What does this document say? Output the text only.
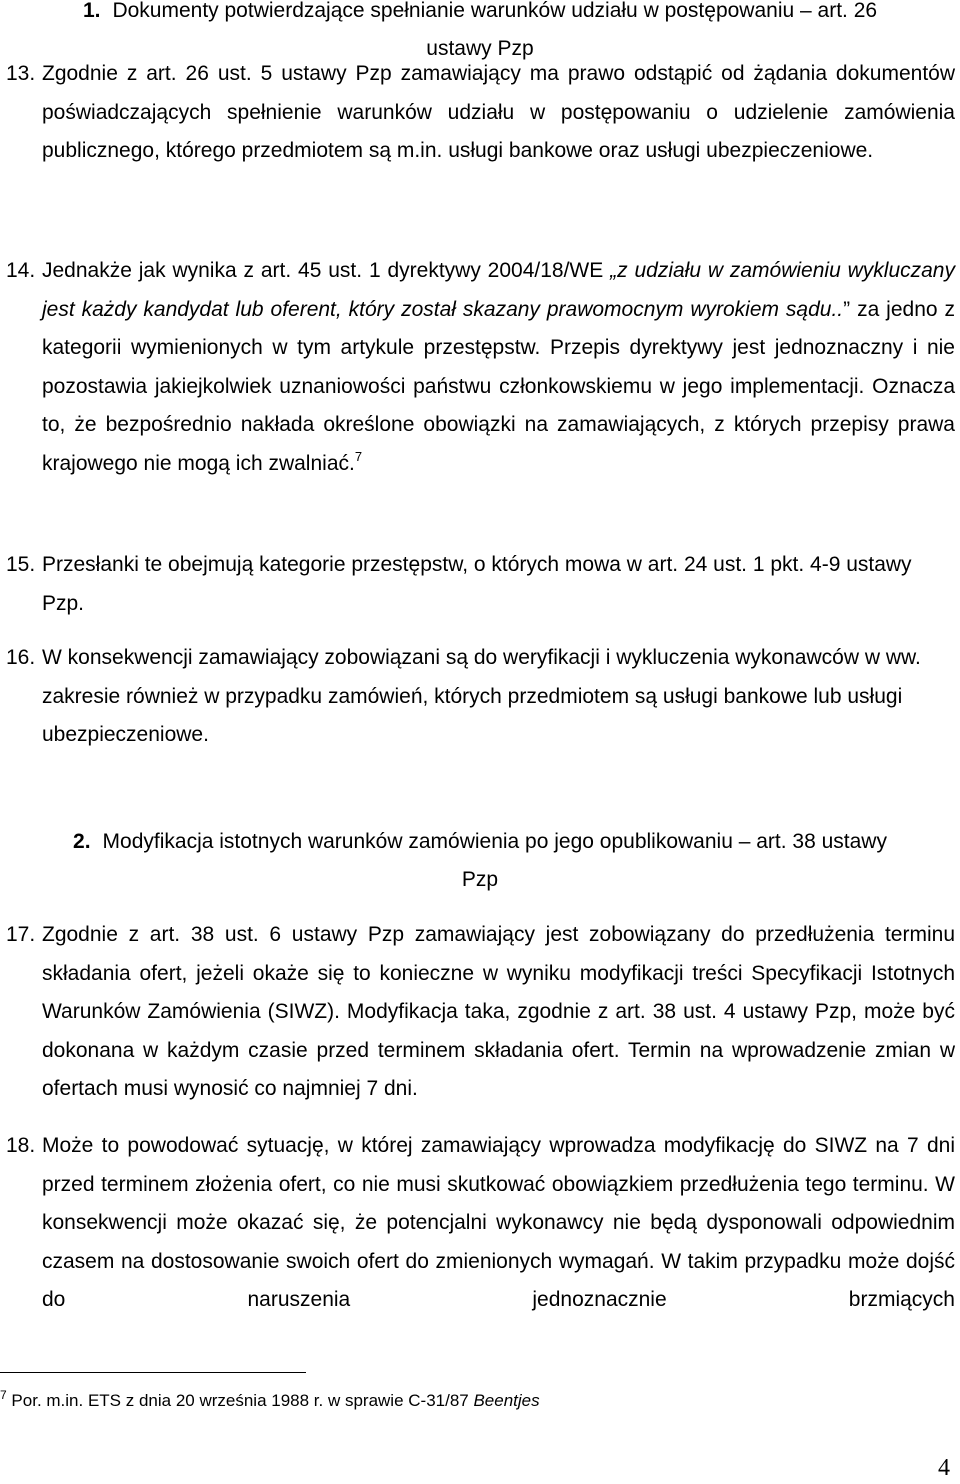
1. Dokumenty potwierdzające spełnianie warunków udziału w postępowaniu – art. 26
ustawy Pzp
13. Zgodnie z art. 26 ust. 5 ustawy Pzp zamawiający ma prawo odstąpić od żądania dokumentów poświadczających spełnienie warunków udziału w postępowaniu o udzielenie zamówienia publicznego, którego przedmiotem są m.in. usługi bankowe oraz usługi ubezpieczeniowe.
14. Jednakże jak wynika z art. 45 ust. 1 dyrektywy 2004/18/WE „z udziału w zamówieniu wykluczany jest każdy kandydat lub oferent, który został skazany prawomocnym wyrokiem sądu..” za jedno z kategorii wymienionych w tym artykule przestępstw. Przepis dyrektywy jest jednoznaczny i nie pozostawia jakiejkolwiek uznaniowości państwu członkowskiemu w jego implementacji. Oznacza to, że bezpośrednio nakłada określone obowiązki na zamawiających, z których przepisy prawa krajowego nie mogą ich zwalniać.$^7$
15. Przesłanki te obejmują kategorie przestępstw, o których mowa w art. 24 ust. 1 pkt. 4-9 ustawy Pzp.
16. W konsekwencji zamawiający zobowiązani są do weryfikacji i wykluczenia wykonawców w ww. zakresie również w przypadku zamówień, których przedmiotem są usługi bankowe lub usługi ubezpieczeniowe.
2. Modyfikacja istotnych warunków zamówienia po jego opublikowaniu – art. 38 ustawy
Pzp
17. Zgodnie z art. 38 ust. 6 ustawy Pzp zamawiający jest zobowiązany do przedłużenia terminu składania ofert, jeżeli okaże się to konieczne w wyniku modyfikacji treści Specyfikacji Istotnych Warunków Zamówienia (SIWZ). Modyfikacja taka, zgodnie z art. 38 ust. 4 ustawy Pzp, może być dokonana w każdym czasie przed terminem składania ofert. Termin na wprowadzenie zmian w ofertach musi wynosić co najmniej 7 dni.
18. Może to powodować sytuację, w której zamawiający wprowadza modyfikację do SIWZ na 7 dni przed terminem złożenia ofert, co nie musi skutkować obowiązkiem przedłużenia tego terminu. W konsekwencji może okazać się, że potencjalni wykonawcy nie będą dysponowali odpowiednim czasem na dostosowanie swoich ofert do zmienionych wymagań. W takim przypadku może dojść do naruszenia jednoznacznie brzmiących
$^7$ Por. m.in. ETS z dnia 20 września 1988 r. w sprawie C-31/87 Beentjes
4
